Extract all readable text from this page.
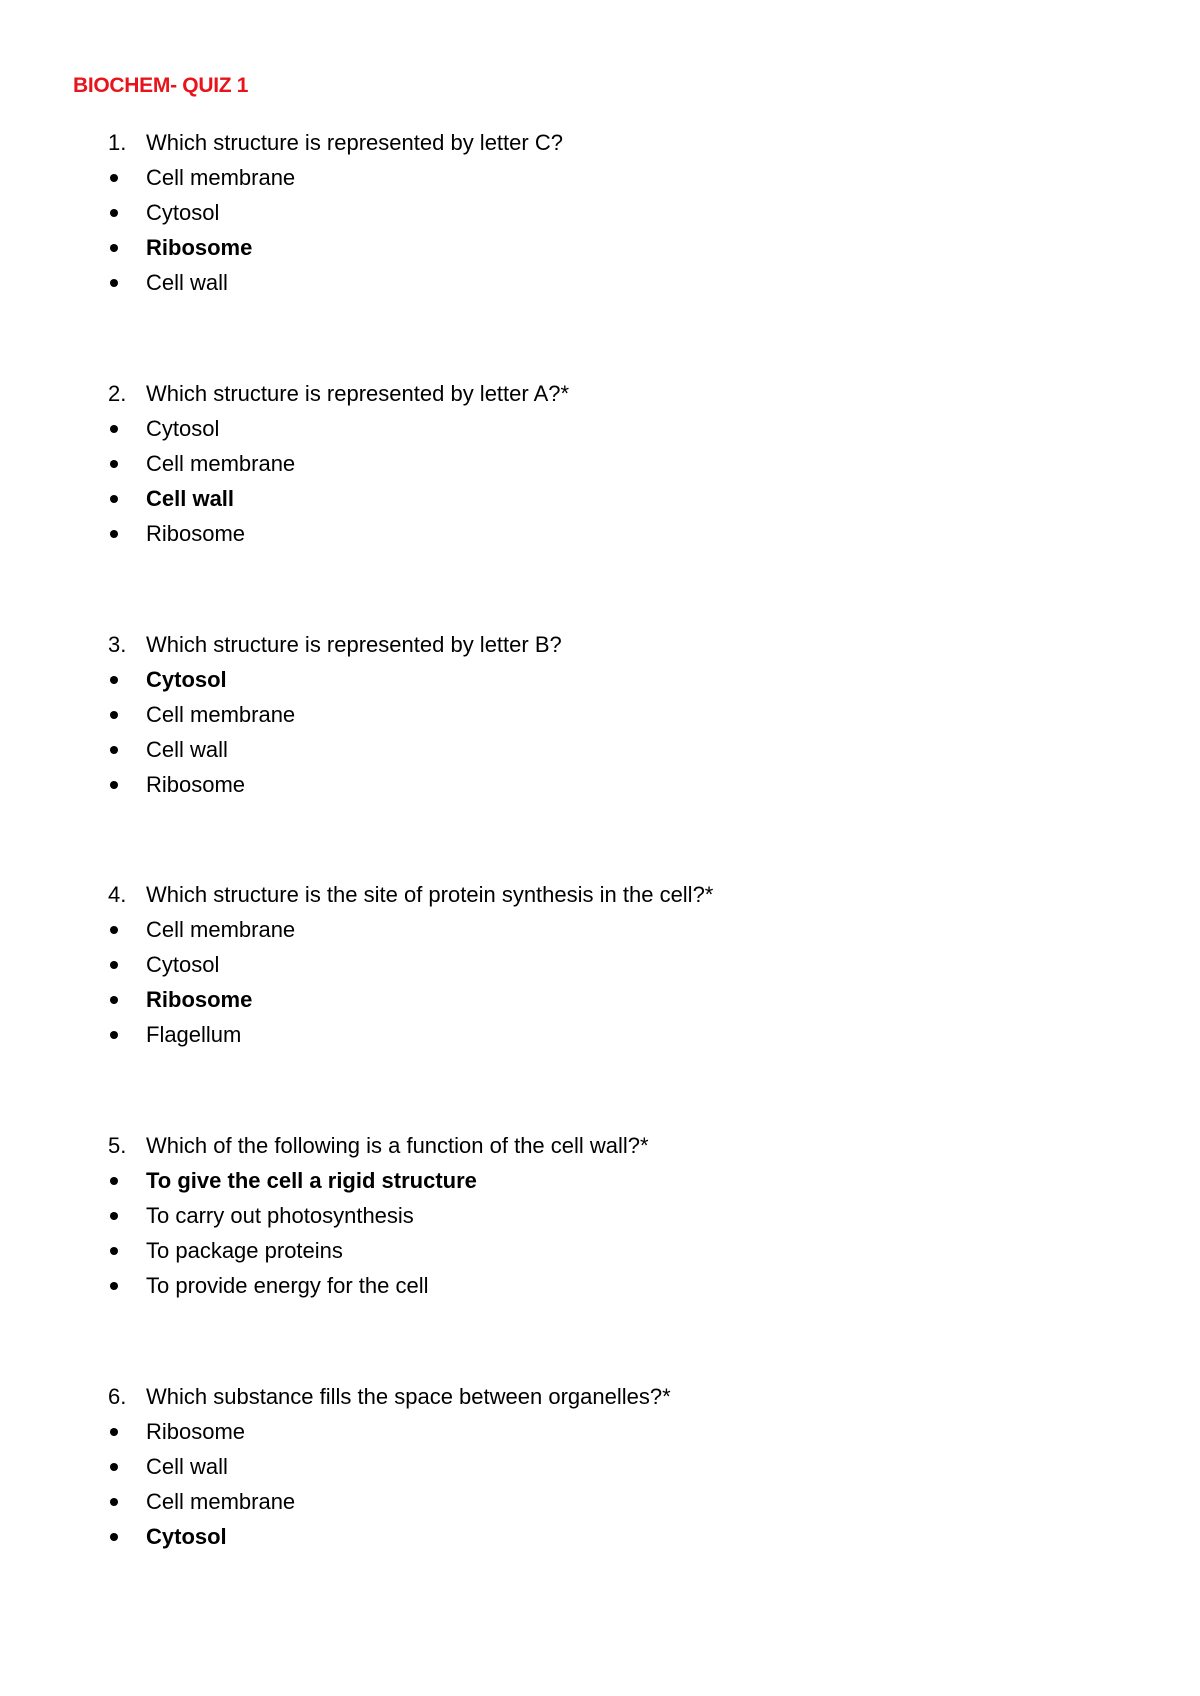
BIOCHEM- QUIZ 1
1. Which structure is represented by letter C?
Cell membrane
Cytosol
Ribosome
Cell wall
2. Which structure is represented by letter A?*
Cytosol
Cell membrane
Cell wall
Ribosome
3. Which structure is represented by letter B?
Cytosol
Cell membrane
Cell wall
Ribosome
4. Which structure is the site of protein synthesis in the cell?*
Cell membrane
Cytosol
Ribosome
Flagellum
5. Which of the following is a function of the cell wall?*
To give the cell a rigid structure
To carry out photosynthesis
To package proteins
To provide energy for the cell
6. Which substance fills the space between organelles?*
Ribosome
Cell wall
Cell membrane
Cytosol
